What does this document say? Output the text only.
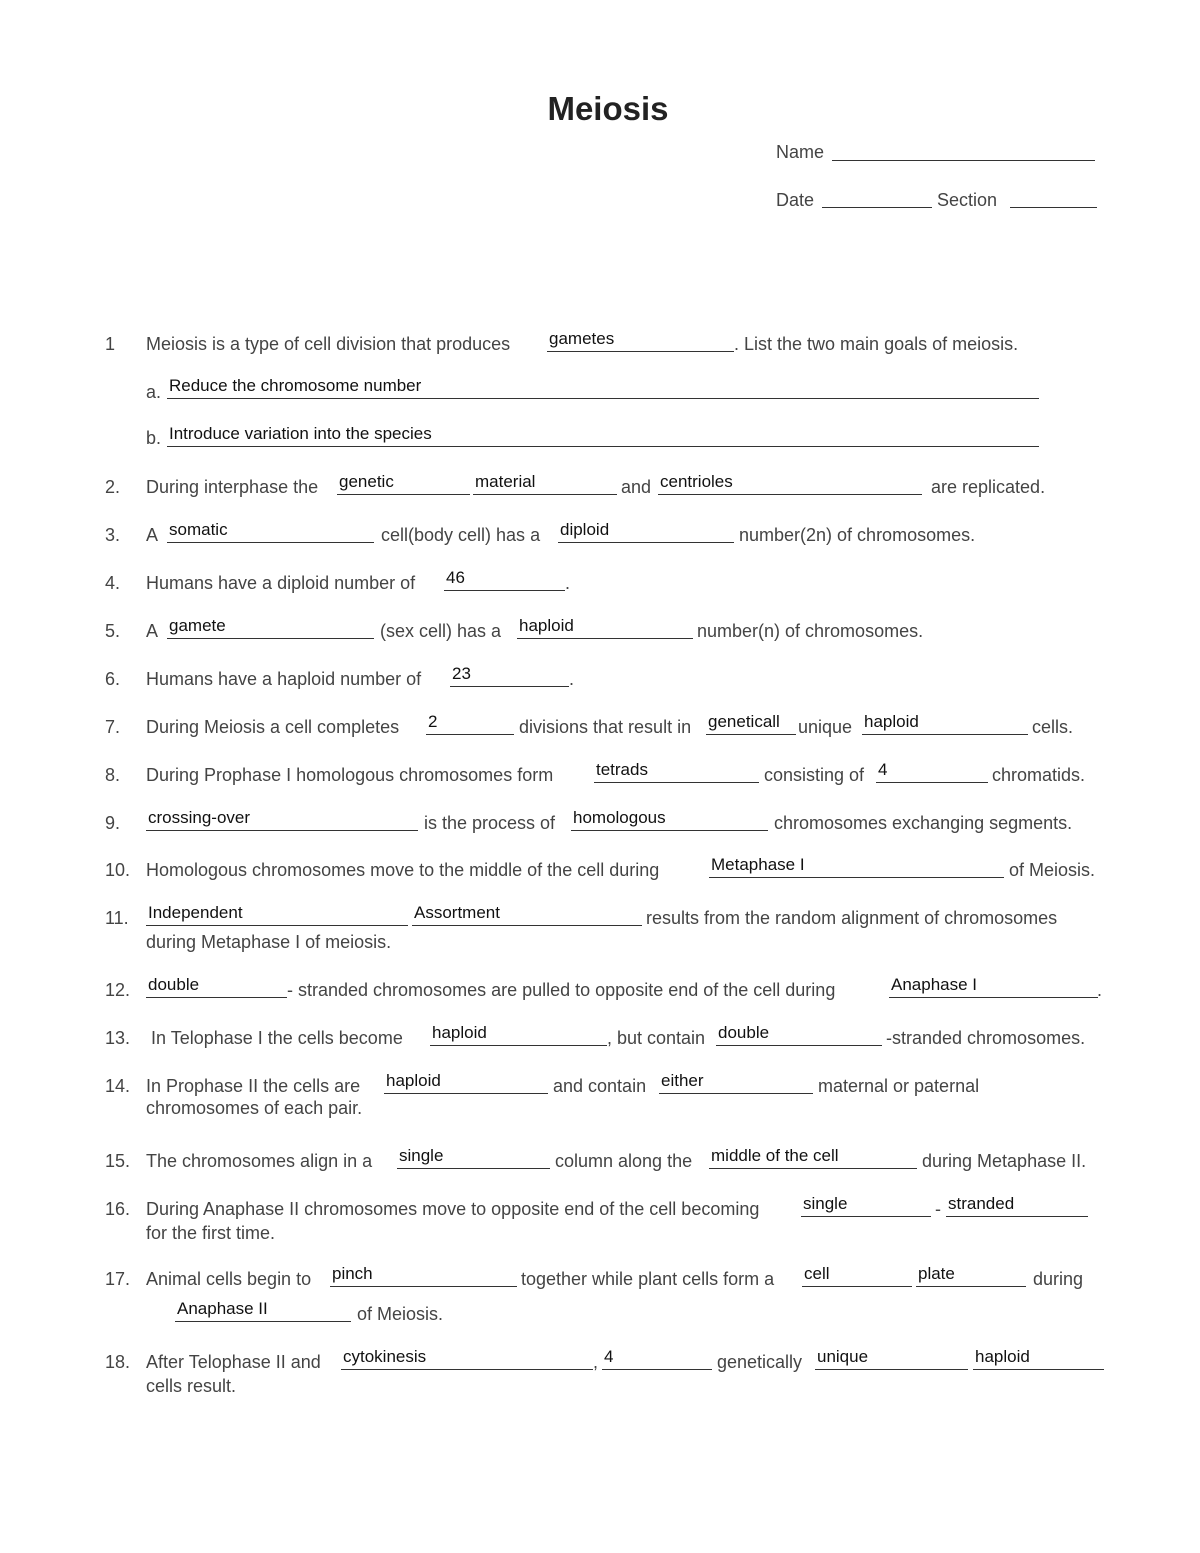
Meiosis
Name
Date	Section
1 Meiosis is a type of cell division that produces gametes	. List the two main goals of meiosis.
a. Reduce the chromosome number
b. Introduce variation into the species
2. During interphase the genetic	material	and centrioles	are replicated.
3. A somatic	cell(body cell) has a diploid	number(2n) of chromosomes.
4. Humans have a diploid number of 46	.
5. A gamete	(sex cell) has a haploid	number(n) of chromosomes.
6. Humans have a haploid number of 23	.
7. During Meiosis a cell completes 2	divisions that result in geneticall	unique haploid	cells.
8. During Prophase I homologous chromosomes form	tetrads	consisting of 4	chromatids.
9. crossing-over	is the process of homologous	chromosomes exchanging segments.
10. Homologous chromosomes move to the middle of the cell during	Metaphase I	of Meiosis.
11. Independent	Assortment	results from the random alignment of chromosomes
during Metaphase I of meiosis.
12. double	- stranded chromosomes are pulled to opposite end of the cell during	Anaphase I	.
13. In Telophase I the cells become haploid	, but contain double	-stranded chromosomes.
14. In Prophase II the cells are haploid	and contain either	maternal or paternal
chromosomes of each pair.
15. The chromosomes align in a single	column along the middle of the cell	during Metaphase II.
16. During Anaphase II chromosomes move to opposite end of the cell becoming	single	- stranded
for the first time.
17. Animal cells begin to pinch	together while plant cells form a cell	plate	during
Anaphase II	of Meiosis.
18. After Telophase II and cytokinesis	, 4	genetically unique	haploid
cells result.
